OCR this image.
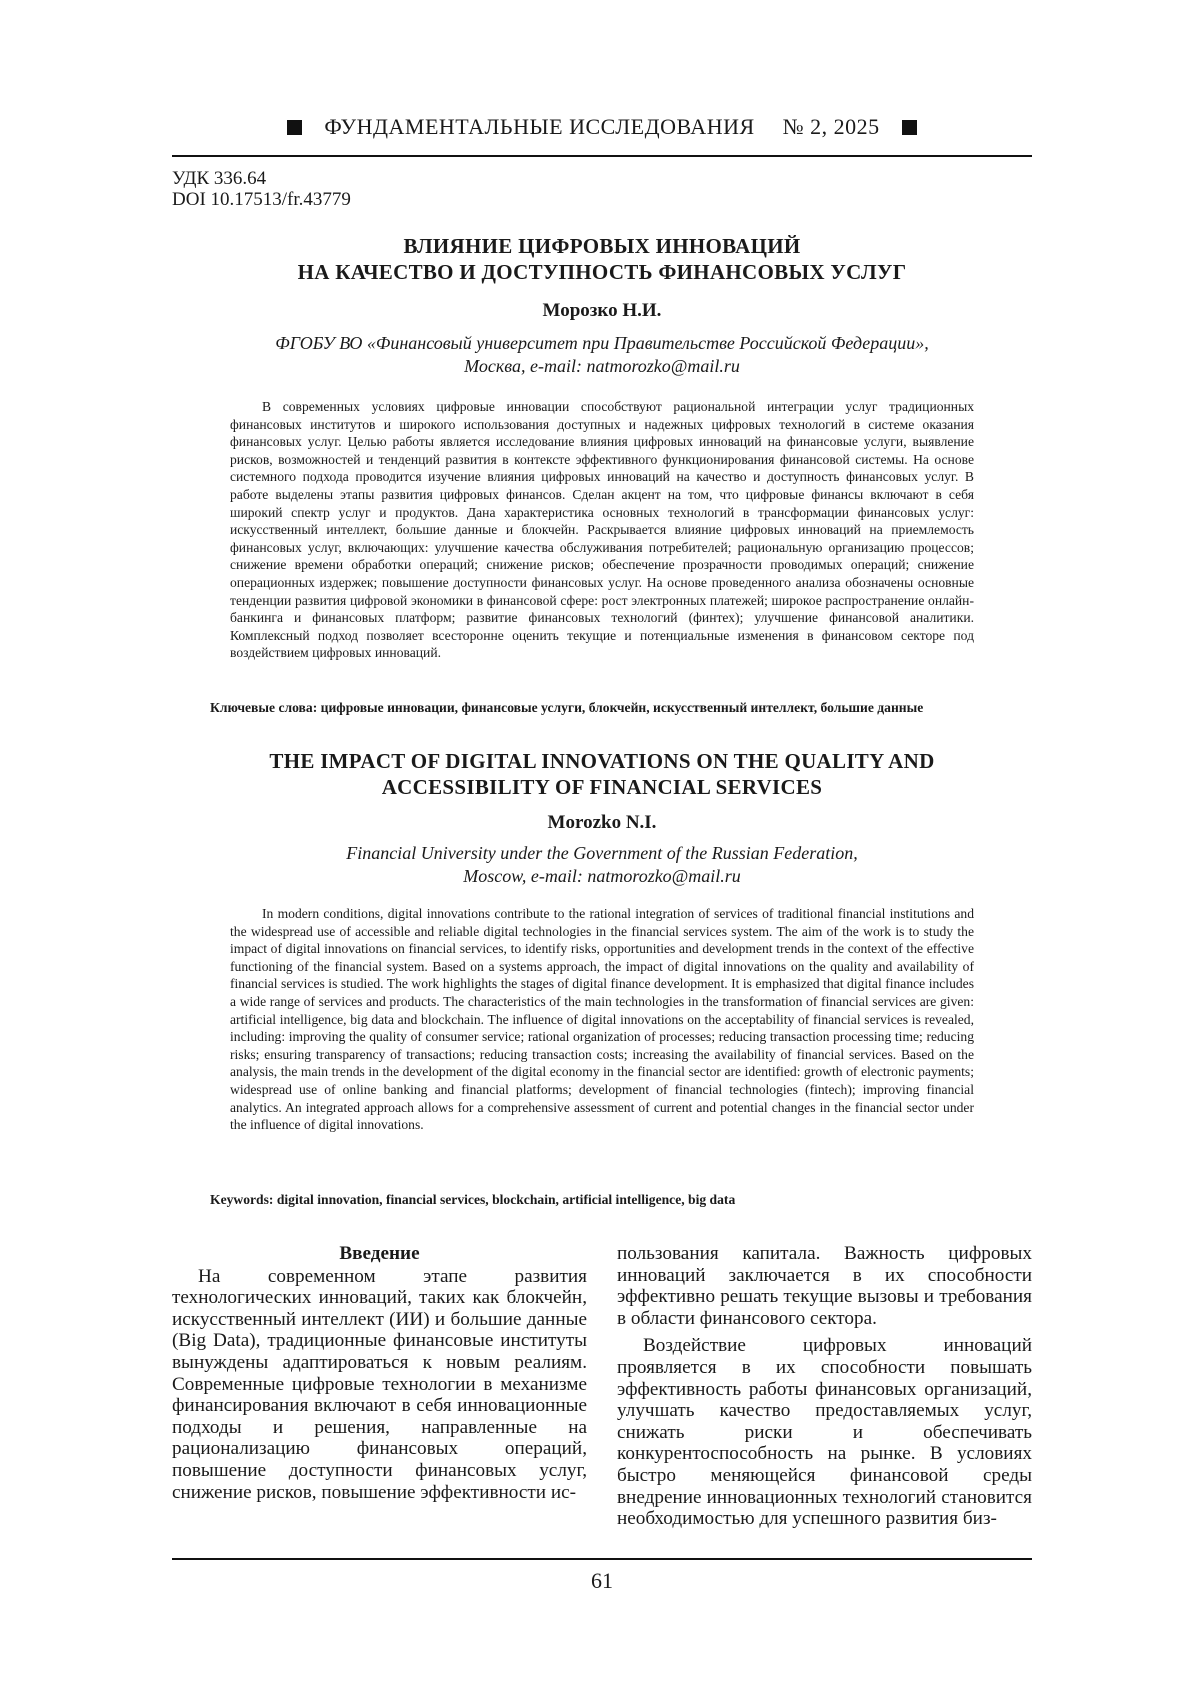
ФУНДАМЕНТАЛЬНЫЕ ИССЛЕДОВАНИЯ № 2, 2025
УДК 336.64
DOI 10.17513/fr.43779
ВЛИЯНИЕ ЦИФРОВЫХ ИННОВАЦИЙ
НА КАЧЕСТВО И ДОСТУПНОСТЬ ФИНАНСОВЫХ УСЛУГ
Морозко Н.И.
ФГОБУ ВО «Финансовый университет при Правительстве Российской Федерации»,
Москва, e-mail: natmorozko@mail.ru
В современных условиях цифровые инновации способствуют рациональной интеграции услуг традиционных финансовых институтов и широкого использования доступных и надежных цифровых технологий в системе оказания финансовых услуг. Целью работы является исследование влияния цифровых инноваций на финансовые услуги, выявление рисков, возможностей и тенденций развития в контексте эффективного функционирования финансовой системы. На основе системного подхода проводится изучение влияния цифровых инноваций на качество и доступность финансовых услуг. В работе выделены этапы развития цифровых финансов. Сделан акцент на том, что цифровые финансы включают в себя широкий спектр услуг и продуктов. Дана характеристика основных технологий в трансформации финансовых услуг: искусственный интеллект, большие данные и блокчейн. Раскрывается влияние цифровых инноваций на приемлемость финансовых услуг, включающих: улучшение качества обслуживания потребителей; рациональную организацию процессов; снижение времени обработки операций; снижение рисков; обеспечение прозрачности проводимых операций; снижение операционных издержек; повышение доступности финансовых услуг. На основе проведенного анализа обозначены основные тенденции развития цифровой экономики в финансовой сфере: рост электронных платежей; широкое распространение онлайн-банкинга и финансовых платформ; развитие финансовых технологий (финтех); улучшение финансовой аналитики. Комплексный подход позволяет всесторонне оценить текущие и потенциальные изменения в финансовом секторе под воздействием цифровых инноваций.
Ключевые слова: цифровые инновации, финансовые услуги, блокчейн, искусственный интеллект, большие данные
THE IMPACT OF DIGITAL INNOVATIONS ON THE QUALITY AND
ACCESSIBILITY OF FINANCIAL SERVICES
Morozko N.I.
Financial University under the Government of the Russian Federation,
Moscow, e-mail: natmorozko@mail.ru
In modern conditions, digital innovations contribute to the rational integration of services of traditional financial institutions and the widespread use of accessible and reliable digital technologies in the financial services system. The aim of the work is to study the impact of digital innovations on financial services, to identify risks, opportunities and development trends in the context of the effective functioning of the financial system. Based on a systems approach, the impact of digital innovations on the quality and availability of financial services is studied. The work highlights the stages of digital finance development. It is emphasized that digital finance includes a wide range of services and products. The characteristics of the main technologies in the transformation of financial services are given: artificial intelligence, big data and blockchain. The influence of digital innovations on the acceptability of financial services is revealed, including: improving the quality of consumer service; rational organization of processes; reducing transaction processing time; reducing risks; ensuring transparency of transactions; reducing transaction costs; increasing the availability of financial services. Based on the analysis, the main trends in the development of the digital economy in the financial sector are identified: growth of electronic payments; widespread use of online banking and financial platforms; development of financial technologies (fintech); improving financial analytics. An integrated approach allows for a comprehensive assessment of current and potential changes in the financial sector under the influence of digital innovations.
Keywords: digital innovation, financial services, blockchain, artificial intelligence, big data
Введение

На современном этапе развития технологических инноваций, таких как блокчейн, искусственный интеллект (ИИ) и большие данные (Big Data), традиционные финансовые институты вынуждены адаптироваться к новым реалиям. Современные цифровые технологии в механизме финансирования включают в себя инновационные подходы и решения, направленные на рационализацию финансовых операций, повышение доступности финансовых услуг, снижение рисков, повышение эффективности ис-

пользования капитала. Важность цифровых инноваций заключается в их способности эффективно решать текущие вызовы и требования в области финансового сектора.

Воздействие цифровых инноваций проявляется в их способности повышать эффективность работы финансовых организаций, улучшать качество предоставляемых услуг, снижать риски и обеспечивать конкурентоспособность на рынке. В условиях быстро меняющейся финансовой среды внедрение инновационных технологий становится необходимостью для успешного развития биз-

61
